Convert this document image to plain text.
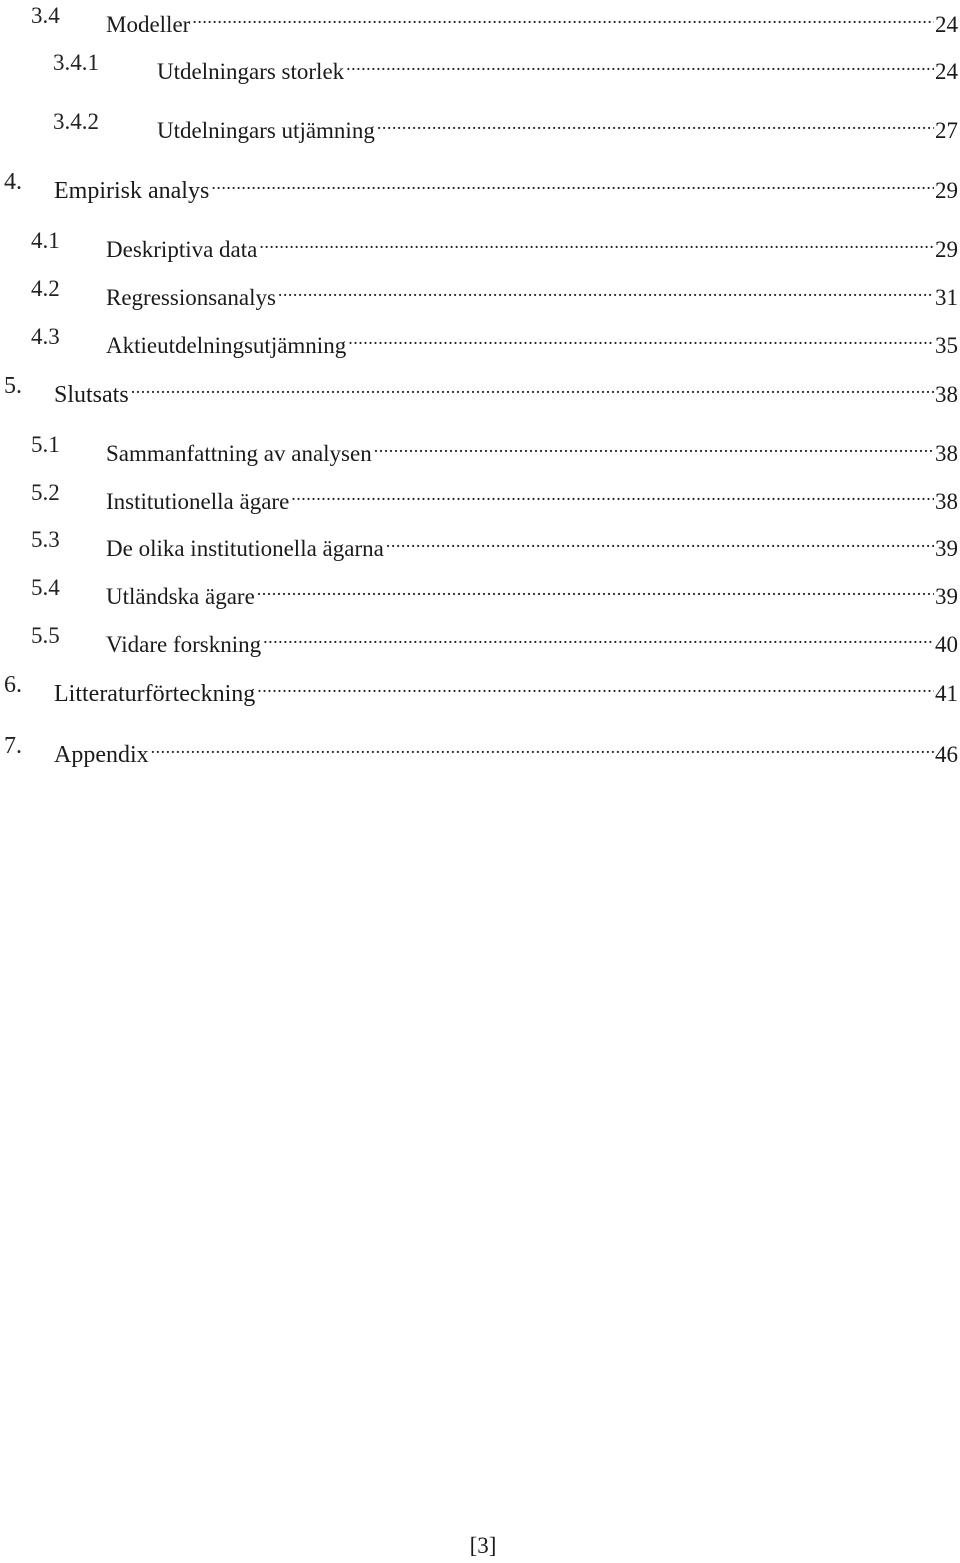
3.4	Modeller .....	24
3.4.1	Utdelningars storlek .....	24
3.4.2	Utdelningars utjämning .....	27
4.	Empirisk analys .....	29
4.1	Deskriptiva data .....	29
4.2	Regressionsanalys .....	31
4.3	Aktieutdelningsutjämning .....	35
5.	Slutsats .....	38
5.1	Sammanfattning av analysen .....	38
5.2	Institutionella ägare .....	38
5.3	De olika institutionella ägarna .....	39
5.4	Utländska ägare .....	39
5.5	Vidare forskning .....	40
6.	Litteraturförteckning .....	41
7.	Appendix .....	46
[3]
